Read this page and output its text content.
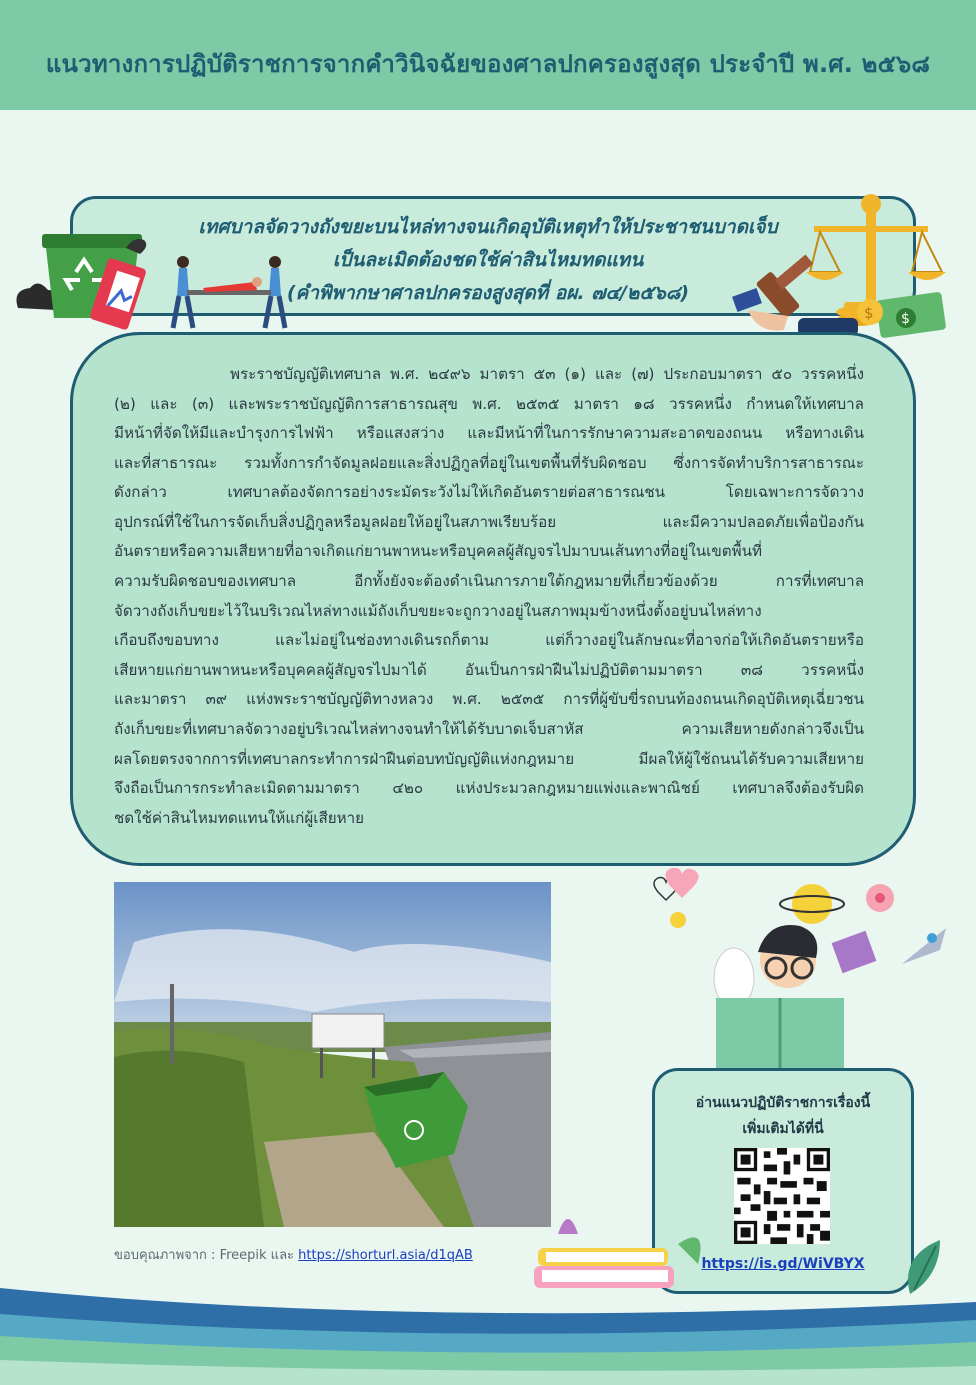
แนวทางการปฏิบัติราชการจากคำวินิจฉัยของศาลปกครองสูงสุด ประจำปี พ.ศ. ๒๕๖๘
เทศบาลจัดวางถังขยะบนไหล่ทางจนเกิดอุบัติเหตุทำให้ประชาชนบาดเจ็บ
เป็นละเมิดต้องชดใช้ค่าสินไหมทดแทน
(คำพิพากษาศาลปกครองสูงสุดที่ อผ. ๗๔/๒๕๖๘)
$
$
พระราชบัญญัติเทศบาล พ.ศ. ๒๔๙๖ มาตรา ๕๓ (๑) และ (๗) ประกอบมาตรา ๕๐ วรรคหนึ่ง
(๒) และ (๓) และพระราชบัญญัติการสาธารณสุข พ.ศ. ๒๕๓๕ มาตรา ๑๘ วรรคหนึ่ง กำหนดให้เทศบาล
มีหน้าที่จัดให้มีและบำรุงการไฟฟ้า หรือแสงสว่าง และมีหน้าที่ในการรักษาความสะอาดของถนน หรือทางเดิน
และที่สาธารณะ รวมทั้งการกำจัดมูลฝอยและสิ่งปฏิกูลที่อยู่ในเขตพื้นที่รับผิดชอบ ซึ่งการจัดทำบริการสาธารณะ
ดังกล่าว เทศบาลต้องจัดการอย่างระมัดระวังไม่ให้เกิดอันตรายต่อสาธารณชน โดยเฉพาะการจัดวาง
อุปกรณ์ที่ใช้ในการจัดเก็บสิ่งปฏิกูลหรือมูลฝอยให้อยู่ในสภาพเรียบร้อย และมีความปลอดภัยเพื่อป้องกัน
อันตรายหรือความเสียหายที่อาจเกิดแก่ยานพาหนะหรือบุคคลผู้สัญจรไปมาบนเส้นทางที่อยู่ในเขตพื้นที่
ความรับผิดชอบของเทศบาล อีกทั้งยังจะต้องดำเนินการภายใต้กฎหมายที่เกี่ยวข้องด้วย การที่เทศบาล
จัดวางถังเก็บขยะไว้ในบริเวณไหล่ทางแม้ถังเก็บขยะจะถูกวางอยู่ในสภาพมุมข้างหนึ่งตั้งอยู่บนไหล่ทาง
เกือบถึงขอบทาง และไม่อยู่ในช่องทางเดินรถก็ตาม แต่ก็วางอยู่ในลักษณะที่อาจก่อให้เกิดอันตรายหรือ
เสียหายแก่ยานพาหนะหรือบุคคลผู้สัญจรไปมาได้ อันเป็นการฝ่าฝืนไม่ปฏิบัติตามมาตรา ๓๘ วรรคหนึ่ง
และมาตรา ๓๙ แห่งพระราชบัญญัติทางหลวง พ.ศ. ๒๕๓๕ การที่ผู้ขับขี่รถบนท้องถนนเกิดอุบัติเหตุเฉี่ยวชน
ถังเก็บขยะที่เทศบาลจัดวางอยู่บริเวณไหล่ทางจนทำให้ได้รับบาดเจ็บสาหัส ความเสียหายดังกล่าวจึงเป็น
ผลโดยตรงจากการที่เทศบาลกระทำการฝ่าฝืนต่อบทบัญญัติแห่งกฎหมาย มีผลให้ผู้ใช้ถนนได้รับความเสียหาย
จึงถือเป็นการกระทำละเมิดตามมาตรา ๔๒๐ แห่งประมวลกฎหมายแพ่งและพาณิชย์ เทศบาลจึงต้องรับผิด
ชดใช้ค่าสินไหมทดแทนให้แก่ผู้เสียหาย
ขอบคุณภาพจาก : Freepik และ https://shorturl.asia/d1qAB
อ่านแนวปฏิบัติราชการเรื่องนี้
เพิ่มเติมได้ที่นี่
https://is.gd/WiVBYX
